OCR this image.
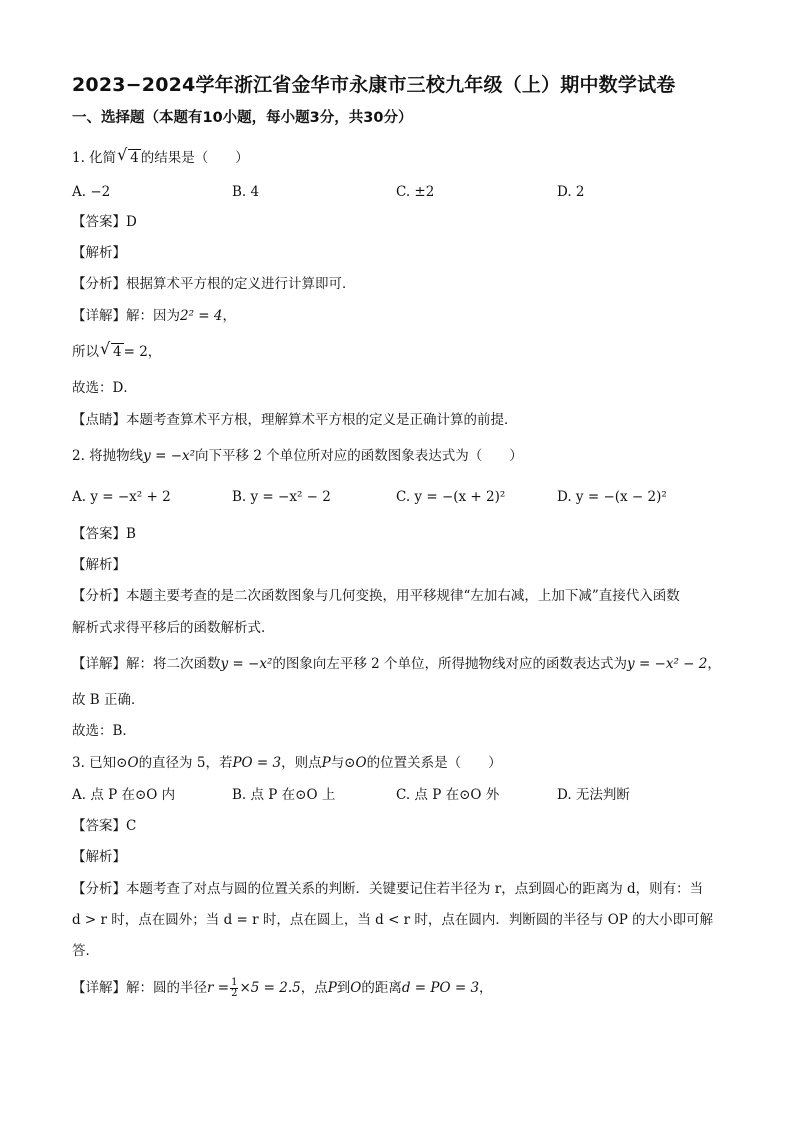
2023−2024学年浙江省金华市永康市三校九年级（上）期中数学试卷
一、选择题（本题有10小题，每小题3分，共30分）
1. 化简 √ 4 的结果是（　　）
A. −2	B. 4	C. ±2	D. 2
【答案】D
【解析】
【分析】根据算术平方根的定义进行计算即可．
【详解】解：因为2² = 4，
所以 √ 4 = 2，
故选：D．
【点睛】本题考查算术平方根，理解算术平方根的定义是正确计算的前提．
2. 将抛物线y = −x²向下平移 2 个单位所对应的函数图象表达式为（　　）
A. y = −x² + 2	B. y = −x² − 2	C. y = −(x + 2)²	D. y = −(x − 2)²
【答案】B
【解析】
【分析】本题主要考查的是二次函数图象与几何变换，用平移规律“左加右减，上加下减”直接代入函数
解析式求得平移后的函数解析式．
【详解】解：将二次函数y = −x²的图象向左平移 2 个单位，所得抛物线对应的函数表达式为y = −x² − 2，
故 B 正确．
故选：B．
3. 已知⊙O的直径为 5，若PO = 3，则点P与⊙O的位置关系是（　　）
A. 点 P 在⊙O 内	B. 点 P 在⊙O 上	C. 点 P 在⊙O 外	D. 无法判断
【答案】C
【解析】
【分析】本题考查了对点与圆的位置关系的判断．关键要记住若半径为 r，点到圆心的距离为 d，则有：当
d > r 时，点在圆外；当 d = r 时，点在圆上，当 d < r 时，点在圆内．判断圆的半径与 OP 的大小即可解
答．
【详解】解：圆的半径$r = \frac{1}{2} \times 5 = 2.5$，点P到O的距离d = PO = 3，
